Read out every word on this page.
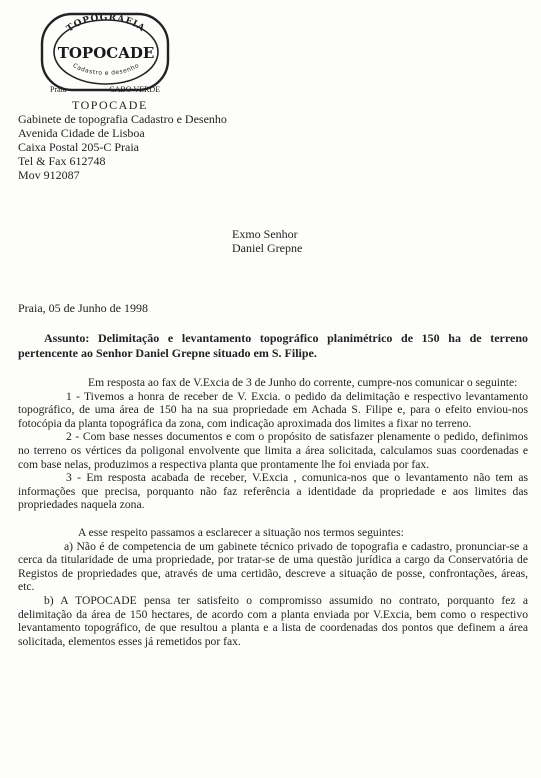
TOPOGRAFIA
TOPOCADE
Cadastro e desenho
Praia	CABO VERDE
TOPOCADE
Gabinete de topografia Cadastro e Desenho
Avenida Cidade de Lisboa
Caixa Postal 205-C Praia
Tel & Fax 612748
Mov 912087
Exmo Senhor
Daniel Grepne
Praia, 05 de Junho de 1998
Assunto: Delimitação e levantamento topográfico planimétrico de 150 ha de terreno pertencente ao Senhor Daniel Grepne situado em S. Filipe.

Em resposta ao fax de V.Excia de 3 de Junho do corrente, cumpre-nos comunicar o seguinte:

1 - Tivemos a honra de receber de V. Excia. o pedido da delimitação e respectivo levantamento topográfico, de uma área de 150 ha na sua propriedade em Achada S. Filipe e, para o efeito enviou-nos fotocópia da planta topográfica da zona, com indicação aproximada dos limites a fixar no terreno.

2 - Com base nesses documentos e com o propósito de satisfazer plenamente o pedido, definimos no terreno os vértices da poligonal envolvente que limita a área solicitada, calculamos suas coordenadas e com base nelas, produzimos a respectiva planta que prontamente lhe foi enviada por fax.

3 - Em resposta acabada de receber, V.Excia , comunica-nos que o levantamento não tem as informações que precisa, porquanto não faz referência a identidade da propriedade e aos limites das propriedades naquela zona.

A esse respeito passamos a esclarecer a situação nos termos seguintes:

a) Não é de competencia de um gabinete técnico privado de topografia e cadastro, pronunciar-se a cerca da titularidade de uma propriedade, por tratar-se de uma questão jurídica a cargo da Conservatória de Registos de propriedades que, através de uma certidão, descreve a situação de posse, confrontações, áreas, etc.

b) A TOPOCADE pensa ter satisfeito o compromisso assumido no contrato, porquanto fez a delimitação da área de 150 hectares, de acordo com a planta enviada por V.Excia, bem como o respectivo levantamento topográfico, de que resultou a planta e a lista de coordenadas dos pontos que definem a área solicitada, elementos esses já remetidos por fax.
